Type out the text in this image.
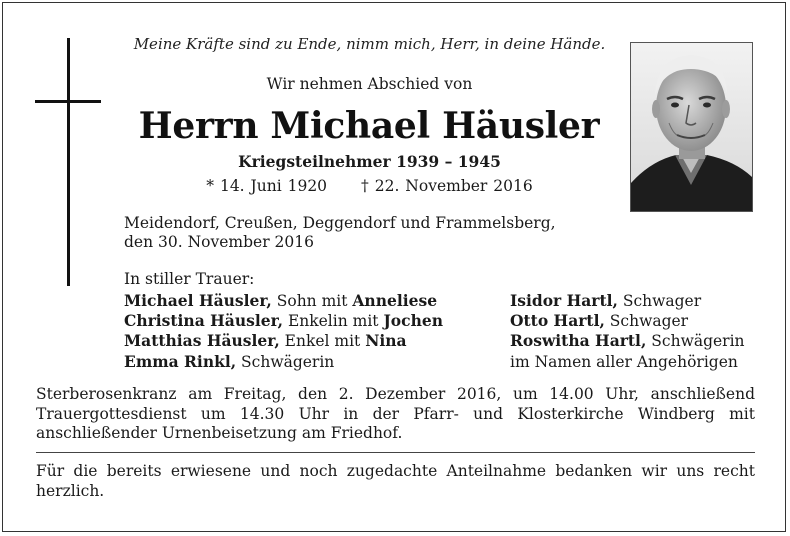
Meine Kräfte sind zu Ende, nimm mich, Herr, in deine Hände.
Wir nehmen Abschied von
Herrn Michael Häusler
Kriegsteilnehmer 1939 – 1945
* 14. Juni 1920 † 22. November 2016
Meidendorf, Creußen, Deggendorf und Frammelsberg,
den 30. November 2016
In stiller Trauer:
Michael Häusler, Sohn mit Anneliese
Christina Häusler, Enkelin mit Jochen
Matthias Häusler, Enkel mit Nina
Emma Rinkl, Schwägerin
Isidor Hartl, Schwager
Otto Hartl, Schwager
Roswitha Hartl, Schwägerin
im Namen aller Angehörigen
Sterberosenkranz am Freitag, den 2. Dezember 2016, um 14.00 Uhr, anschließend Trauergottesdienst um 14.30 Uhr in der Pfarr- und Klosterkirche Windberg mit anschließender Urnenbeisetzung am Friedhof.
Für die bereits erwiesene und noch zugedachte Anteilnahme bedanken wir uns recht herzlich.
